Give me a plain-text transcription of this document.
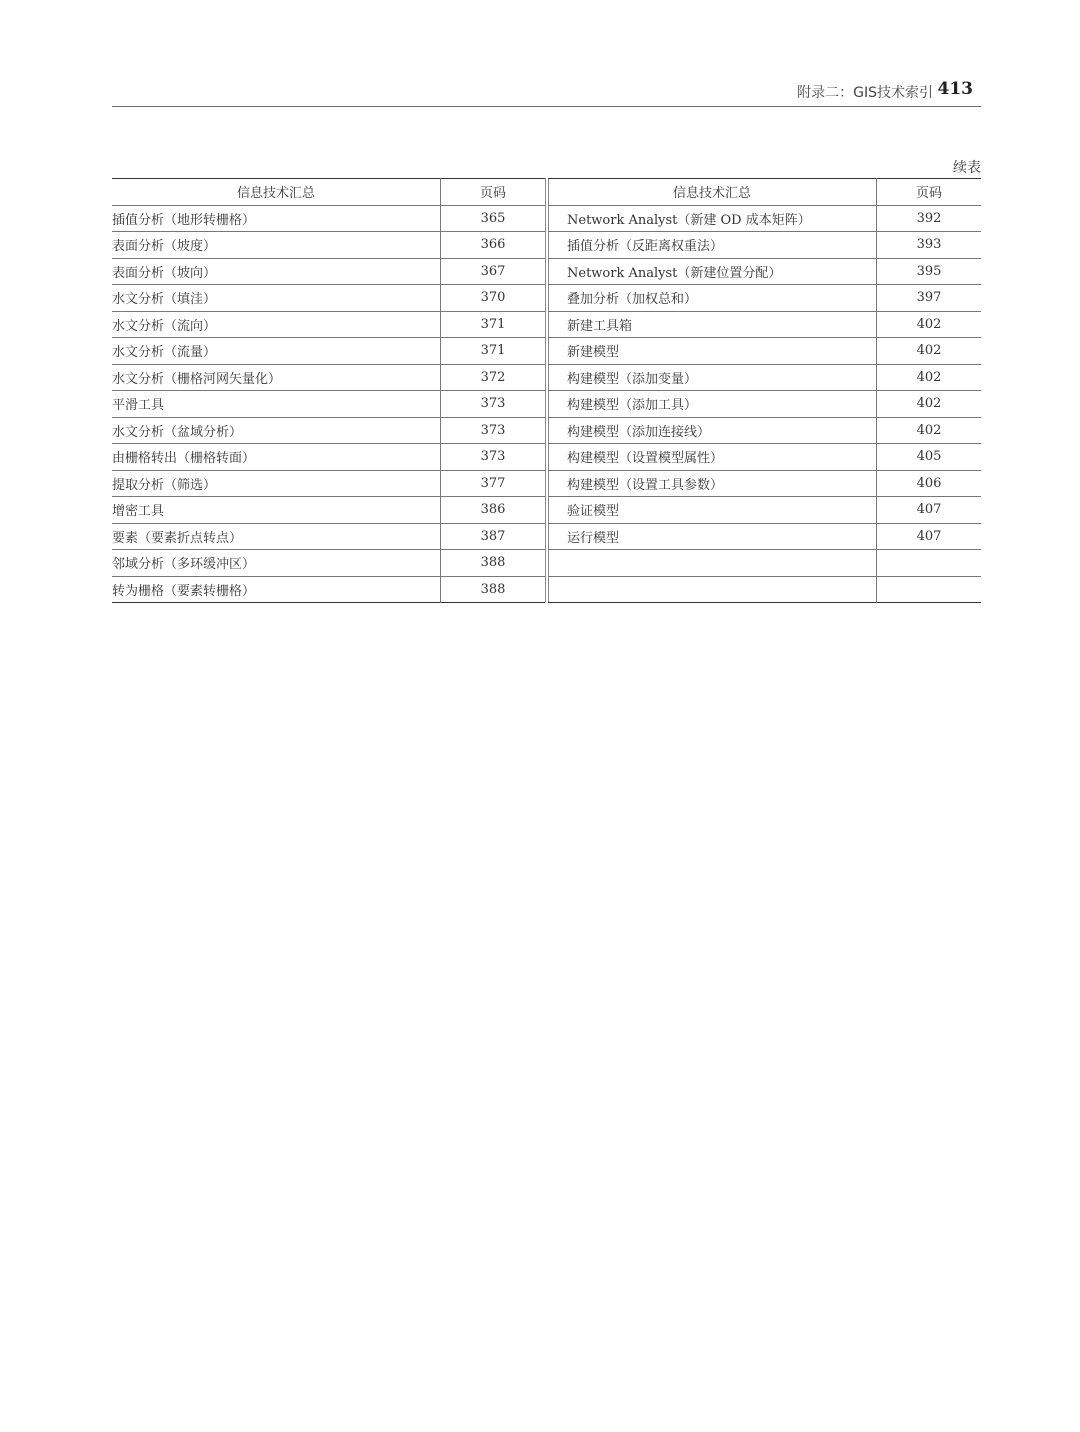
附录二：GIS技术索引 413
续表
信息技术汇总	页码
插值分析（地形转栅格）	365
表面分析（坡度）	366
表面分析（坡向）	367
水文分析（填洼）	370
水文分析（流向）	371
水文分析（流量）	371
水文分析（栅格河网矢量化）	372
平滑工具	373
水文分析（盆域分析）	373
由栅格转出（栅格转面）	373
提取分析（筛选）	377
增密工具	386
要素（要素折点转点）	387
邻域分析（多环缓冲区）	388
转为栅格（要素转栅格）	388
信息技术汇总	页码
Network Analyst（新建 OD 成本矩阵）	392
插值分析（反距离权重法）	393
Network Analyst（新建位置分配）	395
叠加分析（加权总和）	397
新建工具箱	402
新建模型	402
构建模型（添加变量）	402
构建模型（添加工具）	402
构建模型（添加连接线）	402
构建模型（设置模型属性）	405
构建模型（设置工具参数）	406
验证模型	407
运行模型	407
